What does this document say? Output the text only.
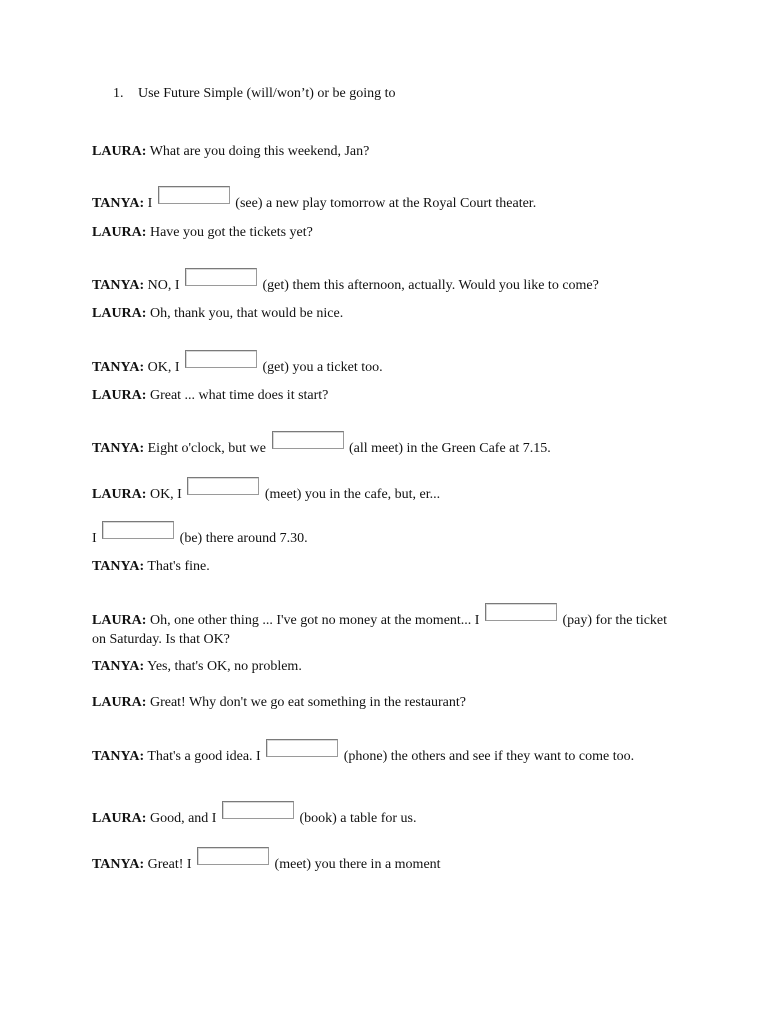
1. Use Future Simple (will/won’t) or be going to
LAURA: What are you doing this weekend, Jan?
TANYA: I	(see) a new play tomorrow at the Royal Court theater.
LAURA: Have you got the tickets yet?
TANYA: NO, I	(get) them this afternoon, actually. Would you like to come?
LAURA: Oh, thank you, that would be nice.
TANYA: OK, I	(get) you a ticket too.
LAURA: Great ... what time does it start?
TANYA: Eight o'clock, but we	(all meet) in the Green Cafe at 7.15.
LAURA: OK, I	(meet) you in the cafe, but, er...
I	(be) there around 7.30.
TANYA: That's fine.
LAURA: Oh, one other thing ... I've got no money at the moment... I	(pay) for the ticket on Saturday. Is that OK?
TANYA: Yes, that's OK, no problem.
LAURA: Great! Why don't we go eat something in the restaurant?
TANYA: That's a good idea. I	(phone) the others and see if they want to come too.
LAURA: Good, and I	(book) a table for us.
TANYA: Great! I	(meet) you there in a moment
